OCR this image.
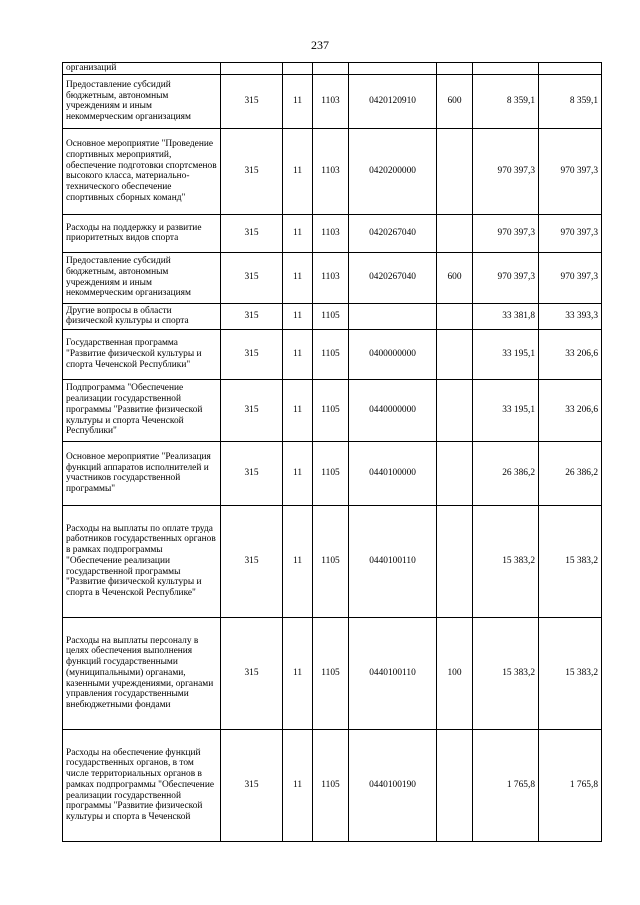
237
организаций							
Предоставление субсидий бюджетным, автономным учреждениям и иным некоммерческим организациям	315	11	1103	0420120910	600	8 359,1	8 359,1
Основное мероприятие "Проведение спортивных мероприятий, обеспечение подготовки спортсменов высокого класса, материально-технического обеспечение спортивных сборных команд"	315	11	1103	0420200000		970 397,3	970 397,3
Расходы на поддержку и развитие приоритетных видов спорта	315	11	1103	0420267040		970 397,3	970 397,3
Предоставление субсидий бюджетным, автономным учреждениям и иным некоммерческим организациям	315	11	1103	0420267040	600	970 397,3	970 397,3
Другие вопросы в области физической культуры и спорта	315	11	1105			33 381,8	33 393,3
Государственная программа "Развитие физической культуры и спорта Чеченской Республики"	315	11	1105	0400000000		33 195,1	33 206,6
Подпрограмма "Обеспечение реализации государственной программы "Развитие физической культуры и спорта Чеченской Республики"	315	11	1105	0440000000		33 195,1	33 206,6
Основное мероприятие "Реализация функций аппаратов исполнителей и участников государственной программы"	315	11	1105	0440100000		26 386,2	26 386,2
Расходы на выплаты по оплате труда работников государственных органов в рамках подпрограммы "Обеспечение реализации государственной программы "Развитие физической культуры и спорта в Чеченской Республике"	315	11	1105	0440100110		15 383,2	15 383,2
Расходы на выплаты персоналу в целях обеспечения выполнения функций государственными (муниципальными) органами, казенными учреждениями, органами управления государственными внебюджетными фондами	315	11	1105	0440100110	100	15 383,2	15 383,2
Расходы на обеспечение функций государственных органов, в том числе территориальных органов в рамках подпрограммы "Обеспечение реализации государственной программы "Развитие физической культуры и спорта в Чеченской	315	11	1105	0440100190		1 765,8	1 765,8
